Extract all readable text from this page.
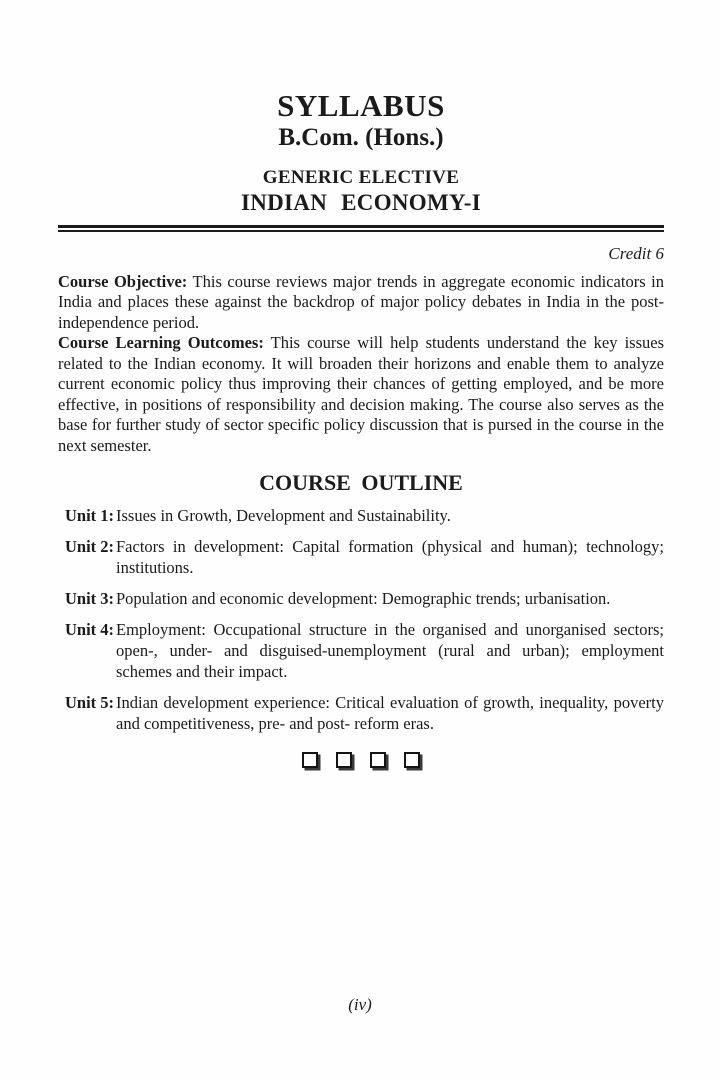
SYLLABUS
B.Com. (Hons.)
GENERIC ELECTIVE
INDIAN ECONOMY-I
Credit 6

Course Objective: This course reviews major trends in aggregate economic indicators in India and places these against the backdrop of major policy debates in India in the post-independence period.

Course Learning Outcomes: This course will help students understand the key issues related to the Indian economy. It will broaden their horizons and enable them to analyze current economic policy thus improving their chances of getting employed, and be more effective, in positions of responsibility and decision making. The course also serves as the base for further study of sector specific policy discussion that is pursed in the course in the next semester.

COURSE OUTLINE
Unit 1: Issues in Growth, Development and Sustainability.
Unit 2: Factors in development: Capital formation (physical and human); technology; institutions.
Unit 3: Population and economic development: Demographic trends; urbanisation.
Unit 4: Employment: Occupational structure in the organised and unorganised sectors; open-, under- and disguised-unemployment (rural and urban); employment schemes and their impact.
Unit 5: Indian development experience: Critical evaluation of growth, inequality, poverty and competitiveness, pre- and post- reform eras.
(iv)
